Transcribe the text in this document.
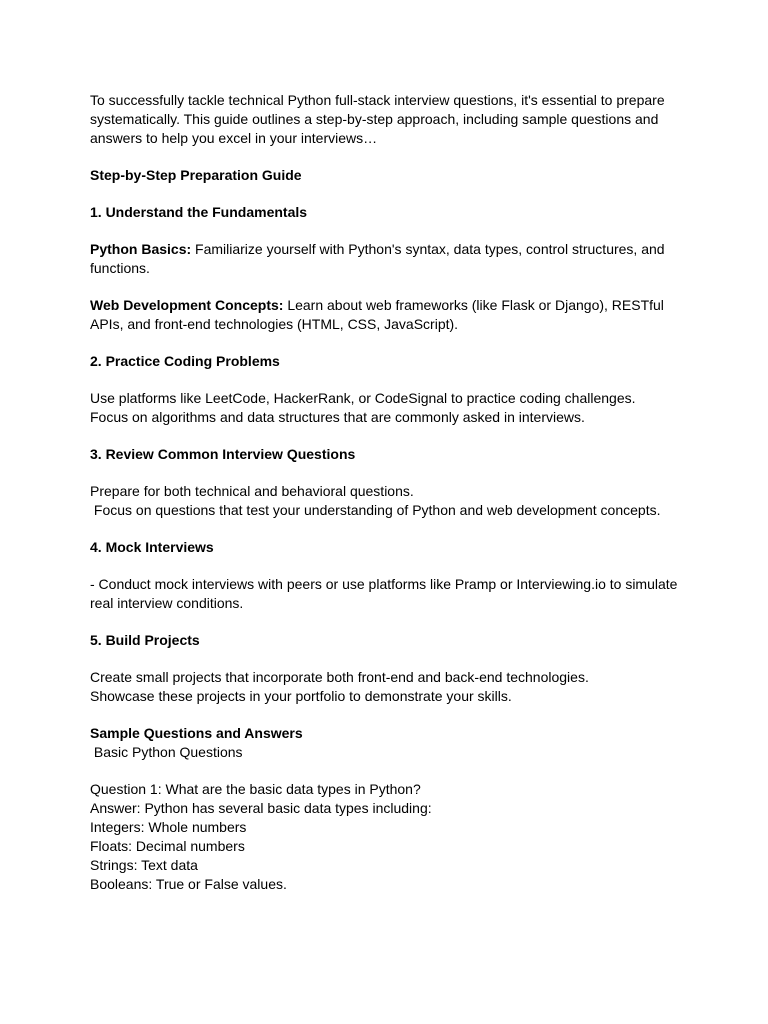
To successfully tackle technical Python full-stack interview questions, it's essential to prepare
systematically. This guide outlines a step-by-step approach, including sample questions and
answers to help you excel in your interviews…
Step-by-Step Preparation Guide
1. Understand the Fundamentals
Python Basics: Familiarize yourself with Python's syntax, data types, control structures, and
functions.
Web Development Concepts: Learn about web frameworks (like Flask or Django), RESTful
APIs, and front-end technologies (HTML, CSS, JavaScript).
2. Practice Coding Problems
Use platforms like LeetCode, HackerRank, or CodeSignal to practice coding challenges.
Focus on algorithms and data structures that are commonly asked in interviews.
3. Review Common Interview Questions
Prepare for both technical and behavioral questions.
Focus on questions that test your understanding of Python and web development concepts.
4. Mock Interviews
- Conduct mock interviews with peers or use platforms like Pramp or Interviewing.io to simulate
real interview conditions.
5. Build Projects
Create small projects that incorporate both front-end and back-end technologies.
Showcase these projects in your portfolio to demonstrate your skills.
Sample Questions and Answers
Basic Python Questions
Question 1: What are the basic data types in Python?
Answer: Python has several basic data types including:
Integers: Whole numbers
Floats: Decimal numbers
Strings: Text data
Booleans: True or False values.
